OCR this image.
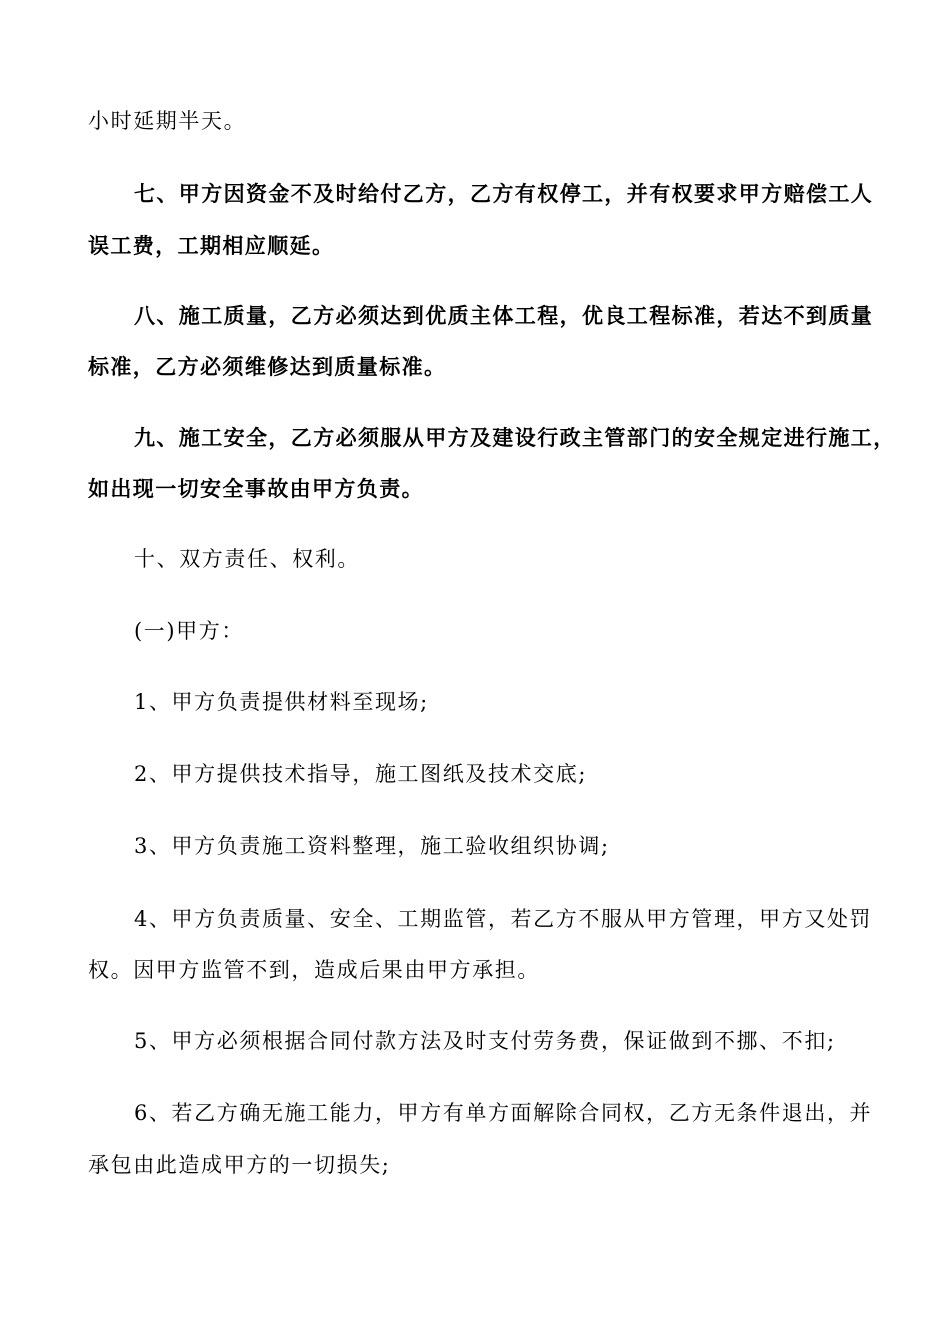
小时延期半天。
七、甲方因资金不及时给付乙方，乙方有权停工，并有权要求甲方赔偿工人
误工费，工期相应顺延。
八、施工质量，乙方必须达到优质主体工程，优良工程标准，若达不到质量
标准，乙方必须维修达到质量标准。
九、施工安全，乙方必须服从甲方及建设行政主管部门的安全规定进行施工，
如出现一切安全事故由甲方负责。
十、双方责任、权利。
(一)甲方：
1、甲方负责提供材料至现场;
2、甲方提供技术指导，施工图纸及技术交底;
3、甲方负责施工资料整理，施工验收组织协调;
4、甲方负责质量、安全、工期监管，若乙方不服从甲方管理，甲方又处罚
权。因甲方监管不到，造成后果由甲方承担。
5、甲方必须根据合同付款方法及时支付劳务费，保证做到不挪、不扣;
6、若乙方确无施工能力，甲方有单方面解除合同权，乙方无条件退出，并
承包由此造成甲方的一切损失;
